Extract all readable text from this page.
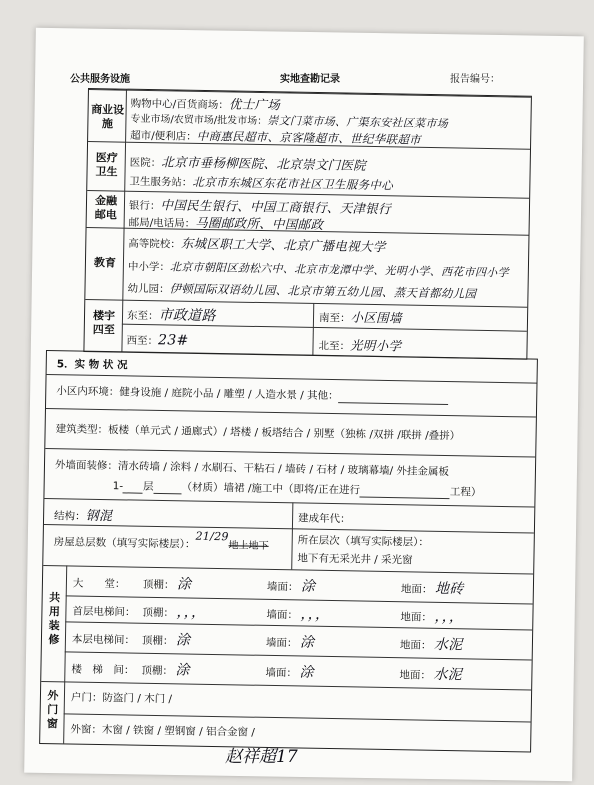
公共服务设施	实地查勘记录	报告编号：
商业设施
购物中心/百货商场：优士广场
专业市场/农贸市场/批发市场：崇文门菜市场、广渠东安社区菜市场
超市/便利店：中商惠民超市、京客隆超市、世纪华联超市
医疗卫生
医院：北京市垂杨柳医院、北京崇文门医院
卫生服务站：北京市东城区东花市社区卫生服务中心
金融邮电
银行：中国民生银行、中国工商银行、天津银行
邮局/电话局：马圈邮政所、中国邮政
教育
高等院校：东城区职工大学、北京广播电视大学
中小学：北京市朝阳区劲松六中、北京市龙潭中学、光明小学、西花市四小学
幼儿园：伊顿国际双语幼儿园、北京市第五幼儿园、蒸天首都幼儿园
楼宇四至
东至：市政道路	南至：小区围墙
西至：23#	北至：光明小学
5．实 物 状 况
小区内环境：健身设施 / 庭院小品 / 雕塑 / 人造水景 / 其他：
建筑类型：板楼（单元式 / 通廊式）/ 塔楼 / 板塔结合 / 别墅（独栋 /双拼 /联拼 /叠拼）
外墙面装修：清水砖墙 / 涂料 / 水刷石、干粘石 / 墙砖 / 石材 / 玻璃幕墙/ 外挂金属板
1- 层	（材质）墙裙 /施工中（即将/正在进行	工程）
结构：钢混	建成年代：
房屋总层数（填写实际楼层）：21/29地上地下	所在层次（填写实际楼层）：
地下有无采光井 / 采光窗
共用装修
大　　堂： 顶棚： 涂	墙面： 涂	地面： 地砖
首层电梯间： 顶棚： ，，，	墙面： ，，，	地面： ，，，
本层电梯间： 顶棚： 涂	墙面： 涂	地面： 水泥
楼　梯　间： 顶棚： 涂	墙面： 涂	地面： 水泥
外门窗
户门：防盗门 / 木门 /
外窗：木窗 / 铁窗 / 塑钢窗 / 铝合金窗 /
赵祥超17
